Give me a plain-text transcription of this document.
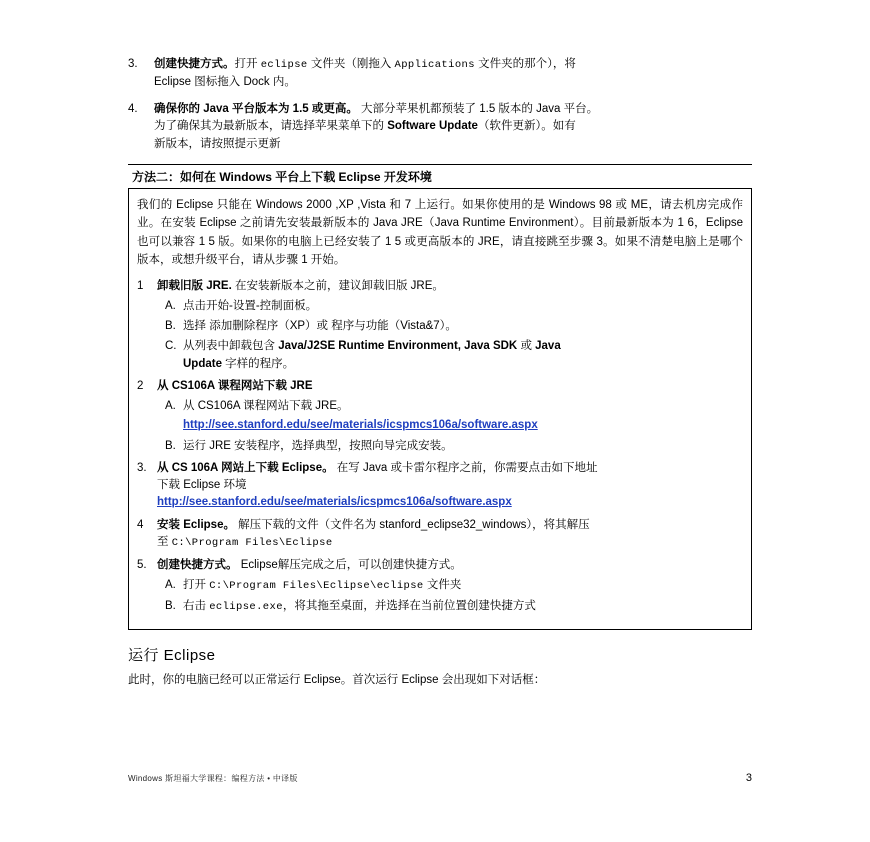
3.	创建快捷方式。打开 eclipse 文件夹（刚拖入 Applications 文件夹的那个），将
Eclipse 图标拖入 Dock 内。
4.	确保你的 Java 平台版本为 1.5 或更高。 大部分苹果机都预装了 1.5 版本的 Java 平台。
为了确保其为最新版本，请选择苹果菜单下的 Software Update（软件更新）。如有
新版本，请按照提示更新
方法二：如何在 Windows 平台上下载 Eclipse 开发环境

我们的 Eclipse 只能在 Windows 2000 ,XP ,Vista 和 7 上运行。如果你使用的是 Windows 98 或 ME，请去机房完成作业。在安装 Eclipse 之前请先安装最新版本的 Java JRE（Java Runtime Environment）。目前最新版本为 1 6，Eclipse 也可以兼容 1 5 版。如果你的电脑上已经安装了 1 5 或更高版本的 JRE，请直接跳至步骤 3。如果不清楚电脑上是哪个版本，或想升级平台，请从步骤 1 开始。

1	卸载旧版 JRE. 在安装新版本之前，建议卸载旧版 JRE。
A. 点击开始-设置-控制面板。
B. 选择 添加删除程序（XP）或 程序与功能（Vista&7）。
C. 从列表中卸载包含 Java/J2SE Runtime Environment, Java SDK 或 Java
Update 字样的程序。
2	从 CS106A 课程网站下载 JRE
A. 从 CS106A 课程网站下载 JRE。
http://see.stanford.edu/see/materials/icspmcs106a/software.aspx
B. 运行 JRE 安装程序，选择典型，按照向导完成安装。
3. 从 CS 106A 网站上下载 Eclipse。 在写 Java 或卡雷尔程序之前，你需要点击如下地址
下载 Eclipse 环境
http://see.stanford.edu/see/materials/icspmcs106a/software.aspx
4	安装 Eclipse。 解压下载的文件（文件名为 stanford_eclipse32_windows），将其解压
至 C:\Program Files\Eclipse
5. 创建快捷方式。 Eclipse解压完成之后，可以创建快捷方式。
A. 打开 C:\Program Files\Eclipse\eclipse 文件夹
B. 右击 eclipse.exe，将其拖至桌面，并选择在当前位置创建快捷方式
运行 Eclipse

此时，你的电脑已经可以正常运行 Eclipse。首次运行 Eclipse 会出现如下对话框：

Windows 斯坦福大学课程：编程方法 • 中译版	3
